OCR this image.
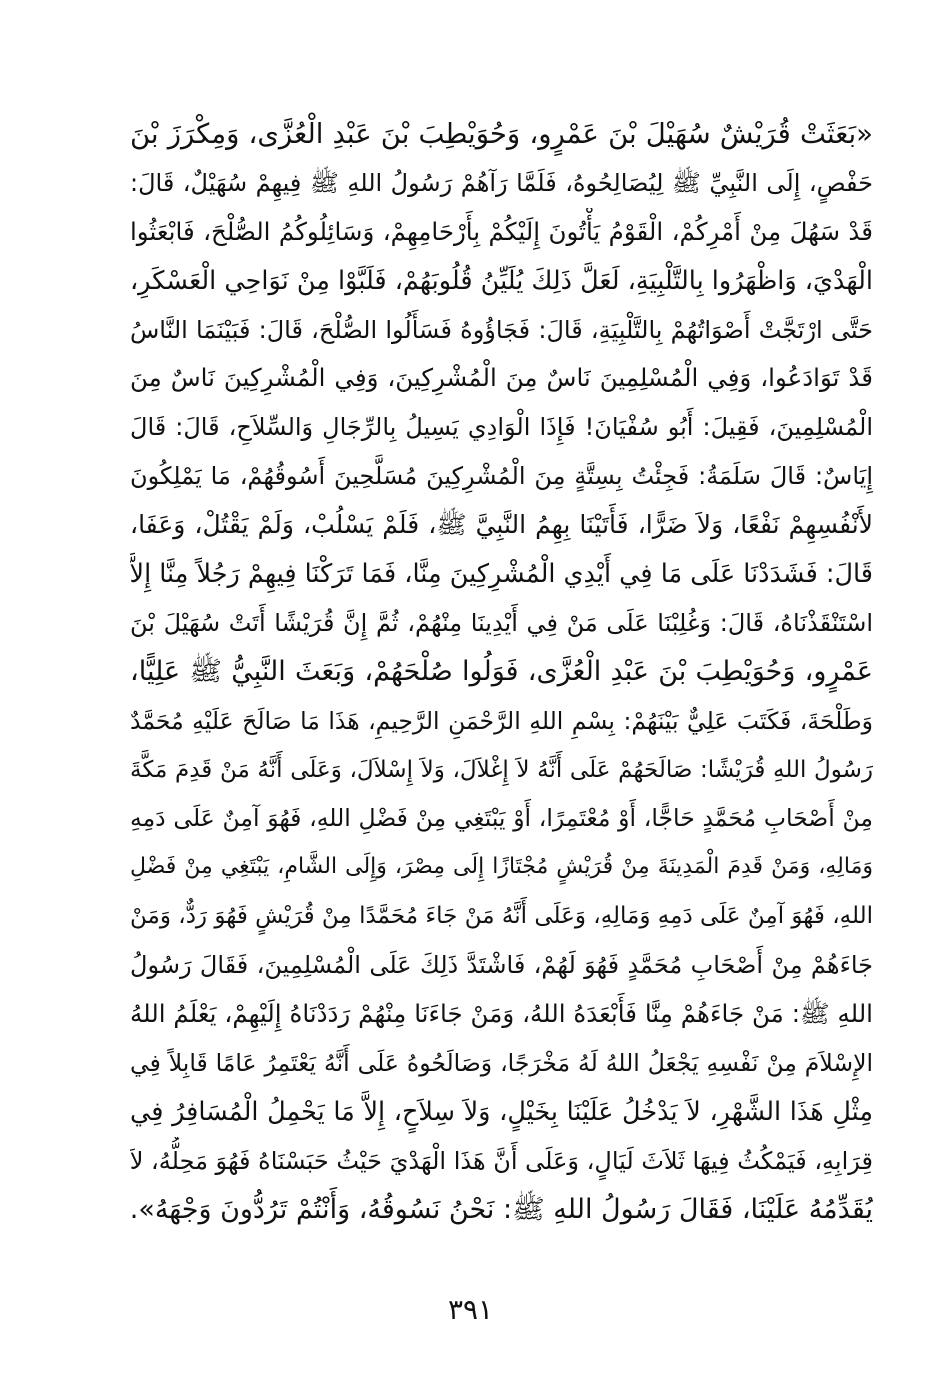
«بَعَثَتْ قُرَيْشٌ سُهَيْلَ بْنَ عَمْرٍو، وَحُوَيْطِبَ بْنَ عَبْدِ الْعُزَّى، وَمِكْرَزَ بْنَ
حَفْصٍ، إِلَى النَّبِيِّ ﷺ لِيُصَالِحُوهُ، فَلَمَّا رَآهُمْ رَسُولُ اللهِ ﷺ فِيهِمْ سُهَيْلٌ، قَالَ:
قَدْ سَهُلَ مِنْ أَمْرِكُمْ، الْقَوْمُ يَأْتُونَ إِلَيْكُمْ بِأَرْحَامِهِمْ، وَسَائِلُوكُمُ الصُّلْحَ، فَابْعَثُوا
الْهَدْيَ، وَاظْهَرُوا بِالتَّلْبِيَةِ، لَعَلَّ ذَلِكَ يُلَيِّنُ قُلُوبَهُمْ، فَلَبَّوْا مِنْ نَوَاحِي الْعَسْكَرِ،
حَتَّى ارْتَجَّتْ أَصْوَاتُهُمْ بِالتَّلْبِيَةِ، قَالَ: فَجَاؤُوهُ فَسَأَلُوا الصُّلْحَ، قَالَ: فَبَيْنَمَا النَّاسُ
قَدْ تَوَادَعُوا، وَفِي الْمُسْلِمِينَ نَاسٌ مِنَ الْمُشْرِكِينَ، وَفِي الْمُشْرِكِينَ نَاسٌ مِنَ
الْمُسْلِمِينَ، فَقِيلَ: أَبُو سُفْيَانَ! فَإِذَا الْوَادِي يَسِيلُ بِالرِّجَالِ وَالسِّلاَحِ، قَالَ: قَالَ
إِيَاسٌ: قَالَ سَلَمَةُ: فَجِئْتُ بِسِتَّةٍ مِنَ الْمُشْرِكِينَ مُسَلَّحِينَ أَسُوقُهُمْ، مَا يَمْلِكُونَ
لأَنْفُسِهِمْ نَفْعًا، وَلاَ ضَرًّا، فَأَتَيْنَا بِهِمُ النَّبِيَّ ﷺ، فَلَمْ يَسْلُبْ، وَلَمْ يَقْتُلْ، وَعَفَا،
قَالَ: فَشَدَدْنَا عَلَى مَا فِي أَيْدِي الْمُشْرِكِينَ مِنَّا، فَمَا تَرَكْنَا فِيهِمْ رَجُلاً مِنَّا إِلاَّ
اسْتَنْقَذْنَاهُ، قَالَ: وَغُلِبْنَا عَلَى مَنْ فِي أَيْدِينَا مِنْهُمْ، ثُمَّ إِنَّ قُرَيْشًا أَتَتْ سُهَيْلَ بْنَ
عَمْرٍو، وَحُوَيْطِبَ بْنَ عَبْدِ الْعُزَّى، فَوَلُوا صُلْحَهُمْ، وَبَعَثَ النَّبِيُّ ﷺ عَلِيًّا،
وَطَلْحَةَ، فَكَتَبَ عَلِيٌّ بَيْنَهُمْ: بِسْمِ اللهِ الرَّحْمَنِ الرَّحِيمِ، هَذَا مَا صَالَحَ عَلَيْهِ مُحَمَّدٌ
رَسُولُ اللهِ قُرَيْشًا: صَالَحَهُمْ عَلَى أَنَّهُ لاَ إِغْلاَلَ، وَلاَ إِسْلاَلَ، وَعَلَى أَنَّهُ مَنْ قَدِمَ مَكَّةَ
مِنْ أَصْحَابِ مُحَمَّدٍ حَاجًّا، أَوْ مُعْتَمِرًا، أَوْ يَبْتَغِي مِنْ فَضْلِ اللهِ، فَهُوَ آمِنٌ عَلَى دَمِهِ
وَمَالِهِ، وَمَنْ قَدِمَ الْمَدِينَةَ مِنْ قُرَيْشٍ مُجْتَازًا إِلَى مِصْرَ، وَإِلَى الشَّامِ، يَبْتَغِي مِنْ فَضْلِ
اللهِ، فَهُوَ آمِنٌ عَلَى دَمِهِ وَمَالِهِ، وَعَلَى أَنَّهُ مَنْ جَاءَ مُحَمَّدًا مِنْ قُرَيْشٍ فَهُوَ رَدٌّ، وَمَنْ
جَاءَهُمْ مِنْ أَصْحَابِ مُحَمَّدٍ فَهُوَ لَهُمْ، فَاشْتَدَّ ذَلِكَ عَلَى الْمُسْلِمِينَ، فَقَالَ رَسُولُ
اللهِ ﷺ: مَنْ جَاءَهُمْ مِنَّا فَأَبْعَدَهُ اللهُ، وَمَنْ جَاءَنَا مِنْهُمْ رَدَدْنَاهُ إِلَيْهِمْ، يَعْلَمُ اللهُ
الإِسْلاَمَ مِنْ نَفْسِهِ يَجْعَلُ اللهُ لَهُ مَخْرَجًا، وَصَالَحُوهُ عَلَى أَنَّهُ يَعْتَمِرُ عَامًا قَابِلاً فِي
مِثْلِ هَذَا الشَّهْرِ، لاَ يَدْخُلُ عَلَيْنَا بِخَيْلٍ، وَلاَ سِلاَحٍ، إِلاَّ مَا يَحْمِلُ الْمُسَافِرُ فِي
قِرَابِهِ، فَيَمْكُثُ فِيهَا ثَلاَثَ لَيَالٍ، وَعَلَى أَنَّ هَذَا الْهَدْيَ حَيْثُ حَبَسْنَاهُ فَهُوَ مَحِلُّهُ، لاَ
يُقَدِّمُهُ عَلَيْنَا، فَقَالَ رَسُولُ اللهِ ﷺ: نَحْنُ نَسُوقُهُ، وَأَنْتُمْ تَرُدُّونَ وَجْهَهُ».
٣٩١
